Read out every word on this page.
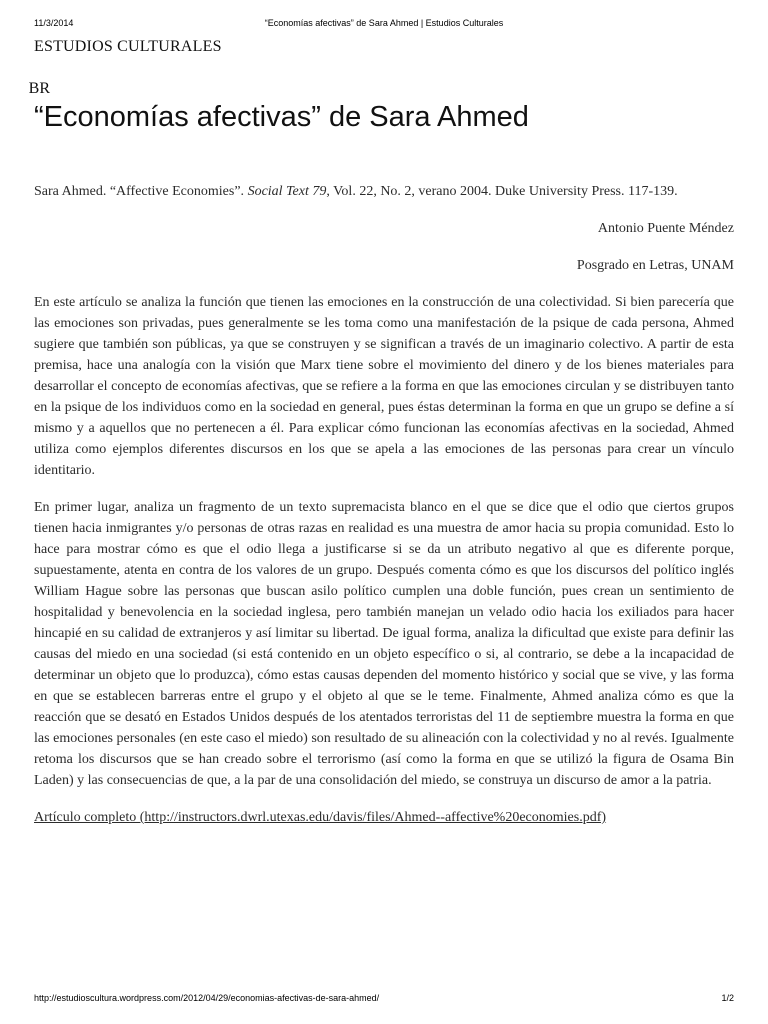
11/3/2014	“Economías afectivas” de Sara Ahmed | Estudios Culturales
ESTUDIOS CULTURALES
BR
“Economías afectivas” de Sara Ahmed

Sara Ahmed. “Affective Economies”. Social Text 79, Vol. 22, No. 2, verano 2004. Duke University Press. 117-139.

Antonio Puente Méndez

Posgrado en Letras, UNAM

En este artículo se analiza la función que tienen las emociones en la construcción de una colectividad. Si bien parecería que las emociones son privadas, pues generalmente se les toma como una manifestación de la psique de cada persona, Ahmed sugiere que también son públicas, ya que se construyen y se significan a través de un imaginario colectivo. A partir de esta premisa, hace una analogía con la visión que Marx tiene sobre el movimiento del dinero y de los bienes materiales para desarrollar el concepto de economías afectivas, que se refiere a la forma en que las emociones circulan y se distribuyen tanto en la psique de los individuos como en la sociedad en general, pues éstas determinan la forma en que un grupo se define a sí mismo y a aquellos que no pertenecen a él. Para explicar cómo funcionan las economías afectivas en la sociedad, Ahmed utiliza como ejemplos diferentes discursos en los que se apela a las emociones de las personas para crear un vínculo identitario.

En primer lugar, analiza un fragmento de un texto supremacista blanco en el que se dice que el odio que ciertos grupos tienen hacia inmigrantes y/o personas de otras razas en realidad es una muestra de amor hacia su propia comunidad. Esto lo hace para mostrar cómo es que el odio llega a justificarse si se da un atributo negativo al que es diferente porque, supuestamente, atenta en contra de los valores de un grupo. Después comenta cómo es que los discursos del político inglés William Hague sobre las personas que buscan asilo político cumplen una doble función, pues crean un sentimiento de hospitalidad y benevolencia en la sociedad inglesa, pero también manejan un velado odio hacia los exiliados para hacer hincapié en su calidad de extranjeros y así limitar su libertad. De igual forma, analiza la dificultad que existe para definir las causas del miedo en una sociedad (si está contenido en un objeto específico o si, al contrario, se debe a la incapacidad de determinar un objeto que lo produzca), cómo estas causas dependen del momento histórico y social que se vive, y las forma en que se establecen barreras entre el grupo y el objeto al que se le teme. Finalmente, Ahmed analiza cómo es que la reacción que se desató en Estados Unidos después de los atentados terroristas del 11 de septiembre muestra la forma en que las emociones personales (en este caso el miedo) son resultado de su alineación con la colectividad y no al revés. Igualmente retoma los discursos que se han creado sobre el terrorismo (así como la forma en que se utilizó la figura de Osama Bin Laden) y las consecuencias de que, a la par de una consolidación del miedo, se construya un discurso de amor a la patria.

Artículo completo (http://instructors.dwrl.utexas.edu/davis/files/Ahmed--affective%20economies.pdf)

http://estudioscultura.wordpress.com/2012/04/29/economias-afectivas-de-sara-ahmed/	1/2
